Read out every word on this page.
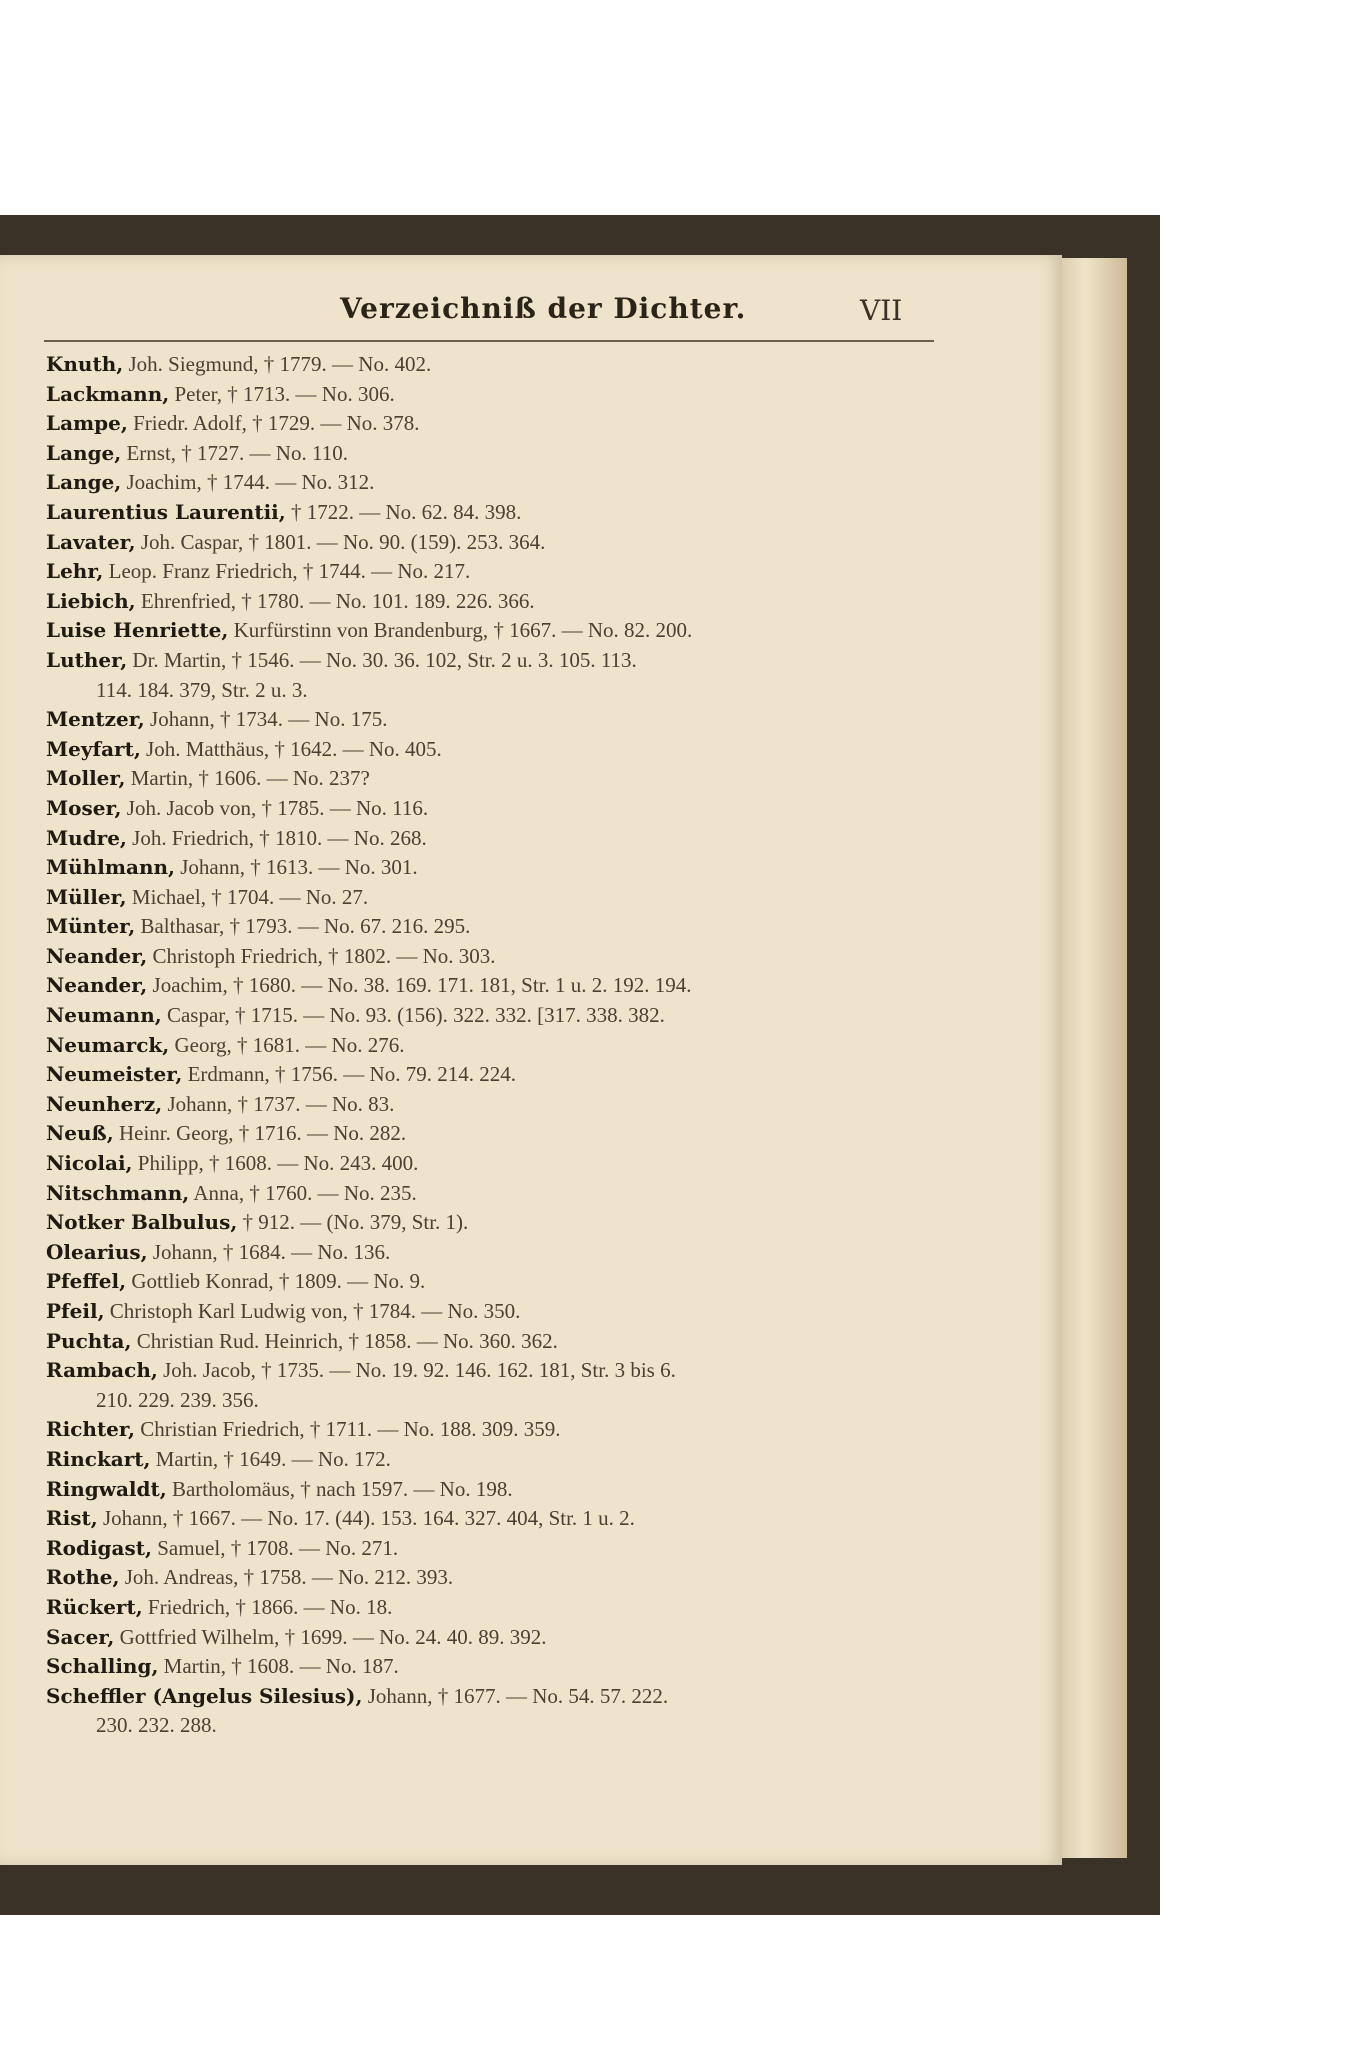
Verzeichniß der Dichter.	VII
Knuth, Joh. Siegmund, † 1779. — No. 402.
Lackmann, Peter, † 1713. — No. 306.
Lampe, Friedr. Adolf, † 1729. — No. 378.
Lange, Ernst, † 1727. — No. 110.
Lange, Joachim, † 1744. — No. 312.
Laurentius Laurentii, † 1722. — No. 62. 84. 398.
Lavater, Joh. Caspar, † 1801. — No. 90. (159). 253. 364.
Lehr, Leop. Franz Friedrich, † 1744. — No. 217.
Liebich, Ehrenfried, † 1780. — No. 101. 189. 226. 366.
Luise Henriette, Kurfürstinn von Brandenburg, † 1667. — No. 82. 200.
Luther, Dr. Martin, † 1546. — No. 30. 36. 102, Str. 2 u. 3. 105. 113.
114. 184. 379, Str. 2 u. 3.
Mentzer, Johann, † 1734. — No. 175.
Meyfart, Joh. Matthäus, † 1642. — No. 405.
Moller, Martin, † 1606. — No. 237?
Moser, Joh. Jacob von, † 1785. — No. 116.
Mudre, Joh. Friedrich, † 1810. — No. 268.
Mühlmann, Johann, † 1613. — No. 301.
Müller, Michael, † 1704. — No. 27.
Münter, Balthasar, † 1793. — No. 67. 216. 295.
Neander, Christoph Friedrich, † 1802. — No. 303.
Neander, Joachim, † 1680. — No. 38. 169. 171. 181, Str. 1 u. 2. 192. 194.
Neumann, Caspar, † 1715. — No. 93. (156). 322. 332. [317. 338. 382.
Neumarck, Georg, † 1681. — No. 276.
Neumeister, Erdmann, † 1756. — No. 79. 214. 224.
Neunherz, Johann, † 1737. — No. 83.
Neuß, Heinr. Georg, † 1716. — No. 282.
Nicolai, Philipp, † 1608. — No. 243. 400.
Nitschmann, Anna, † 1760. — No. 235.
Notker Balbulus, † 912. — (No. 379, Str. 1).
Olearius, Johann, † 1684. — No. 136.
Pfeffel, Gottlieb Konrad, † 1809. — No. 9.
Pfeil, Christoph Karl Ludwig von, † 1784. — No. 350.
Puchta, Christian Rud. Heinrich, † 1858. — No. 360. 362.
Rambach, Joh. Jacob, † 1735. — No. 19. 92. 146. 162. 181, Str. 3 bis 6.
210. 229. 239. 356.
Richter, Christian Friedrich, † 1711. — No. 188. 309. 359.
Rinckart, Martin, † 1649. — No. 172.
Ringwaldt, Bartholomäus, † nach 1597. — No. 198.
Rist, Johann, † 1667. — No. 17. (44). 153. 164. 327. 404, Str. 1 u. 2.
Rodigast, Samuel, † 1708. — No. 271.
Rothe, Joh. Andreas, † 1758. — No. 212. 393.
Rückert, Friedrich, † 1866. — No. 18.
Sacer, Gottfried Wilhelm, † 1699. — No. 24. 40. 89. 392.
Schalling, Martin, † 1608. — No. 187.
Scheffler (Angelus Silesius), Johann, † 1677. — No. 54. 57. 222.
230. 232. 288.
